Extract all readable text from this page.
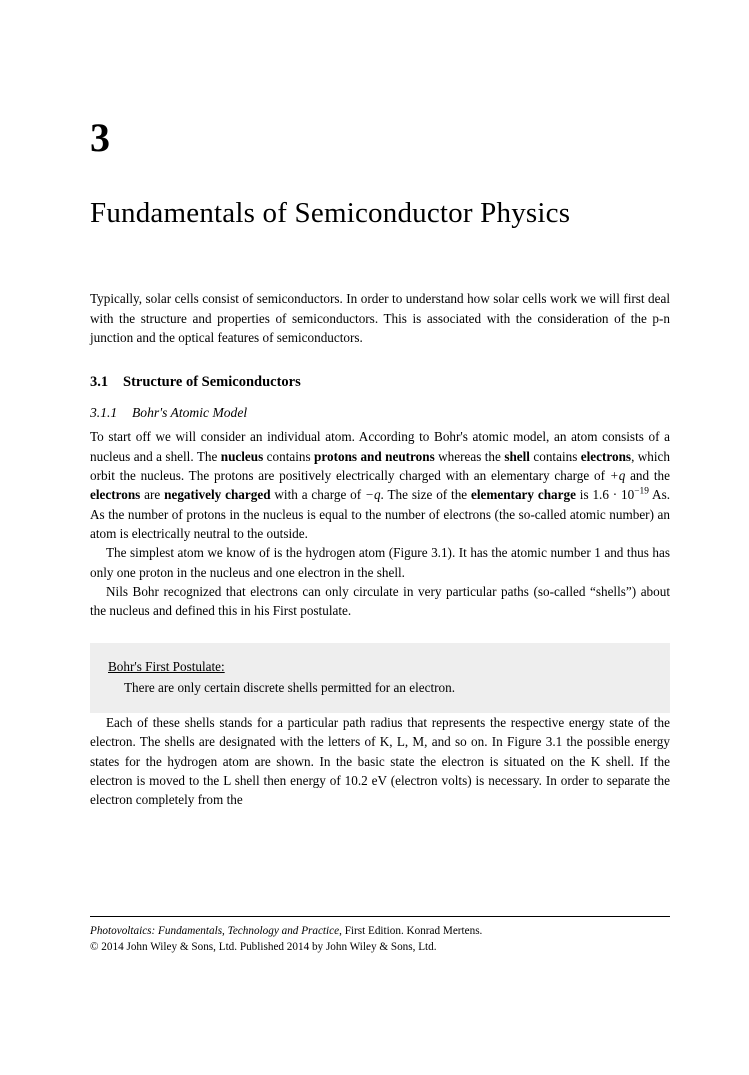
3
Fundamentals of Semiconductor Physics

Typically, solar cells consist of semiconductors. In order to understand how solar cells work we will first deal with the structure and properties of semiconductors. This is associated with the consideration of the p-n junction and the optical features of semiconductors.

3.1 Structure of Semiconductors
3.1.1 Bohr's Atomic Model

To start off we will consider an individual atom. According to Bohr's atomic model, an atom consists of a nucleus and a shell. The nucleus contains protons and neutrons whereas the shell contains electrons, which orbit the nucleus. The protons are positively electrically charged with an elementary charge of +q and the electrons are negatively charged with a charge of −q. The size of the elementary charge is $1.6 \cdot 10^{-19}$ As. As the number of protons in the nucleus is equal to the number of electrons (the so-called atomic number) an atom is electrically neutral to the outside.

The simplest atom we know of is the hydrogen atom (Figure 3.1). It has the atomic number 1 and thus has only one proton in the nucleus and one electron in the shell.

Nils Bohr recognized that electrons can only circulate in very particular paths (so-called “shells”) about the nucleus and defined this in his First postulate.

Bohr's First Postulate:
There are only certain discrete shells permitted for an electron.

Each of these shells stands for a particular path radius that represents the respective energy state of the electron. The shells are designated with the letters of K, L, M, and so on. In Figure 3.1 the possible energy states for the hydrogen atom are shown. In the basic state the electron is situated on the K shell. If the electron is moved to the L shell then energy of 10.2 eV (electron volts) is necessary. In order to separate the electron completely from the

Photovoltaics: Fundamentals, Technology and Practice, First Edition. Konrad Mertens.
© 2014 John Wiley & Sons, Ltd. Published 2014 by John Wiley & Sons, Ltd.
